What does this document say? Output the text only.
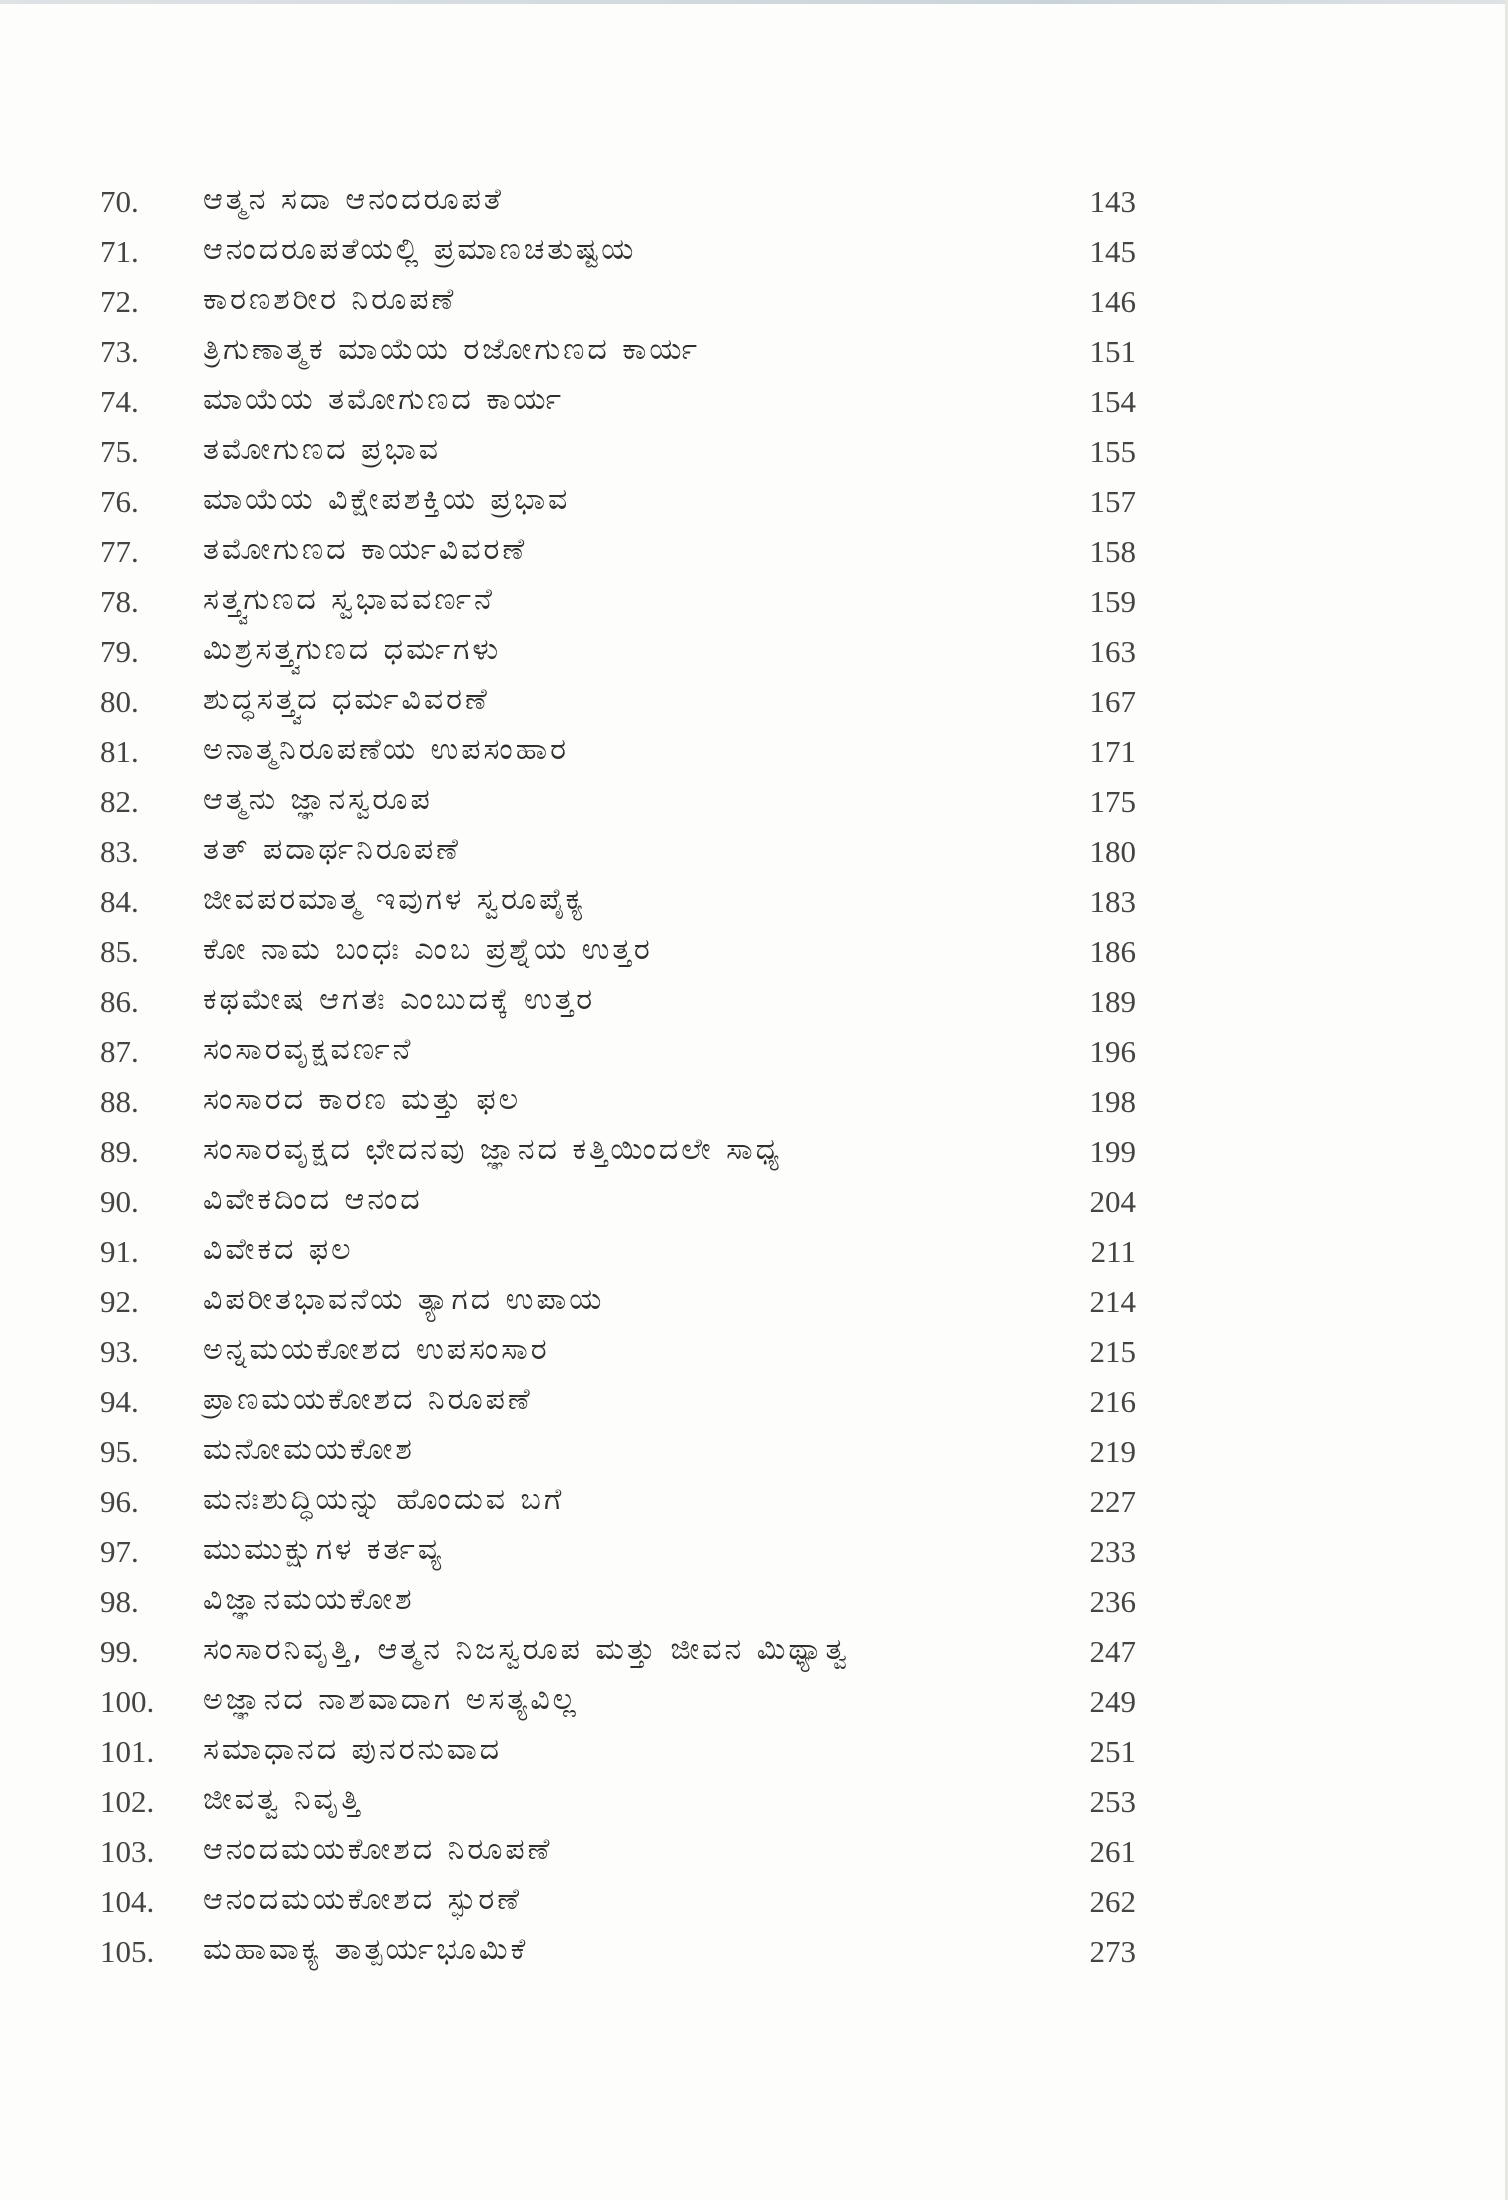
70.	ಆತ್ಮನ ಸದಾ ಆನಂದರೂಪತೆ	143
71.	ಆನಂದರೂಪತೆಯಲ್ಲಿ ಪ್ರಮಾಣಚತುಷ್ಟಯ	145
72.	ಕಾರಣಶರೀರ ನಿರೂಪಣೆ	146
73.	ತ್ರಿಗುಣಾತ್ಮಕ ಮಾಯೆಯ ರಜೋಗುಣದ ಕಾರ್ಯ	151
74.	ಮಾಯೆಯ ತಮೋಗುಣದ ಕಾರ್ಯ	154
75.	ತಮೋಗುಣದ ಪ್ರಭಾವ	155
76.	ಮಾಯೆಯ ವಿಕ್ಷೇಪಶಕ್ತಿಯ ಪ್ರಭಾವ	157
77.	ತಮೋಗುಣದ ಕಾರ್ಯವಿವರಣೆ	158
78.	ಸತ್ತ್ವಗುಣದ ಸ್ವಭಾವವರ್ಣನೆ	159
79.	ಮಿಶ್ರಸತ್ತ್ವಗುಣದ ಧರ್ಮಗಳು	163
80.	ಶುದ್ಧಸತ್ತ್ವದ ಧರ್ಮವಿವರಣೆ	167
81.	ಅನಾತ್ಮನಿರೂಪಣೆಯ ಉಪಸಂಹಾರ	171
82.	ಆತ್ಮನು ಜ್ಞಾನಸ್ವರೂಪ	175
83.	ತತ್ ಪದಾರ್ಥನಿರೂಪಣೆ	180
84.	ಜೀವಪರಮಾತ್ಮ ಇವುಗಳ ಸ್ವರೂಪೈಕ್ಯ	183
85.	ಕೋ ನಾಮ ಬಂಧಃ ಎಂಬ ಪ್ರಶ್ನೆಯ ಉತ್ತರ	186
86.	ಕಥಮೇಷ ಆಗತಃ ಎಂಬುದಕ್ಕೆ ಉತ್ತರ	189
87.	ಸಂಸಾರವೃಕ್ಷವರ್ಣನೆ	196
88.	ಸಂಸಾರದ ಕಾರಣ ಮತ್ತು ಫಲ	198
89.	ಸಂಸಾರವೃಕ್ಷದ ಛೇದನವು ಜ್ಞಾನದ ಕತ್ತಿಯಿಂದಲೇ ಸಾಧ್ಯ	199
90.	ವಿವೇಕದಿಂದ ಆನಂದ	204
91.	ವಿವೇಕದ ಫಲ	211
92.	ವಿಪರೀತಭಾವನೆಯ ತ್ಯಾಗದ ಉಪಾಯ	214
93.	ಅನ್ನಮಯಕೋಶದ ಉಪಸಂಸಾರ	215
94.	ಪ್ರಾಣಮಯಕೋಶದ ನಿರೂಪಣೆ	216
95.	ಮನೋಮಯಕೋಶ	219
96.	ಮನಃಶುದ್ಧಿಯನ್ನು ಹೊಂದುವ ಬಗೆ	227
97.	ಮುಮುಕ್ಷುಗಳ ಕರ್ತವ್ಯ	233
98.	ವಿಜ್ಞಾನಮಯಕೋಶ	236
99.	ಸಂಸಾರನಿವೃತ್ತಿ, ಆತ್ಮನ ನಿಜಸ್ವರೂಪ ಮತ್ತು ಜೀವನ ಮಿಥ್ಯಾತ್ವ	247
100.	ಅಜ್ಞಾನದ ನಾಶವಾದಾಗ ಅಸತ್ಯವಿಲ್ಲ	249
101.	ಸಮಾಧಾನದ ಪುನರನುವಾದ	251
102.	ಜೀವತ್ವ ನಿವೃತ್ತಿ	253
103.	ಆನಂದಮಯಕೋಶದ ನಿರೂಪಣೆ	261
104.	ಆನಂದಮಯಕೋಶದ ಸ್ಫುರಣೆ	262
105.	ಮಹಾವಾಕ್ಯ ತಾತ್ಪರ್ಯಭೂಮಿಕೆ	273
